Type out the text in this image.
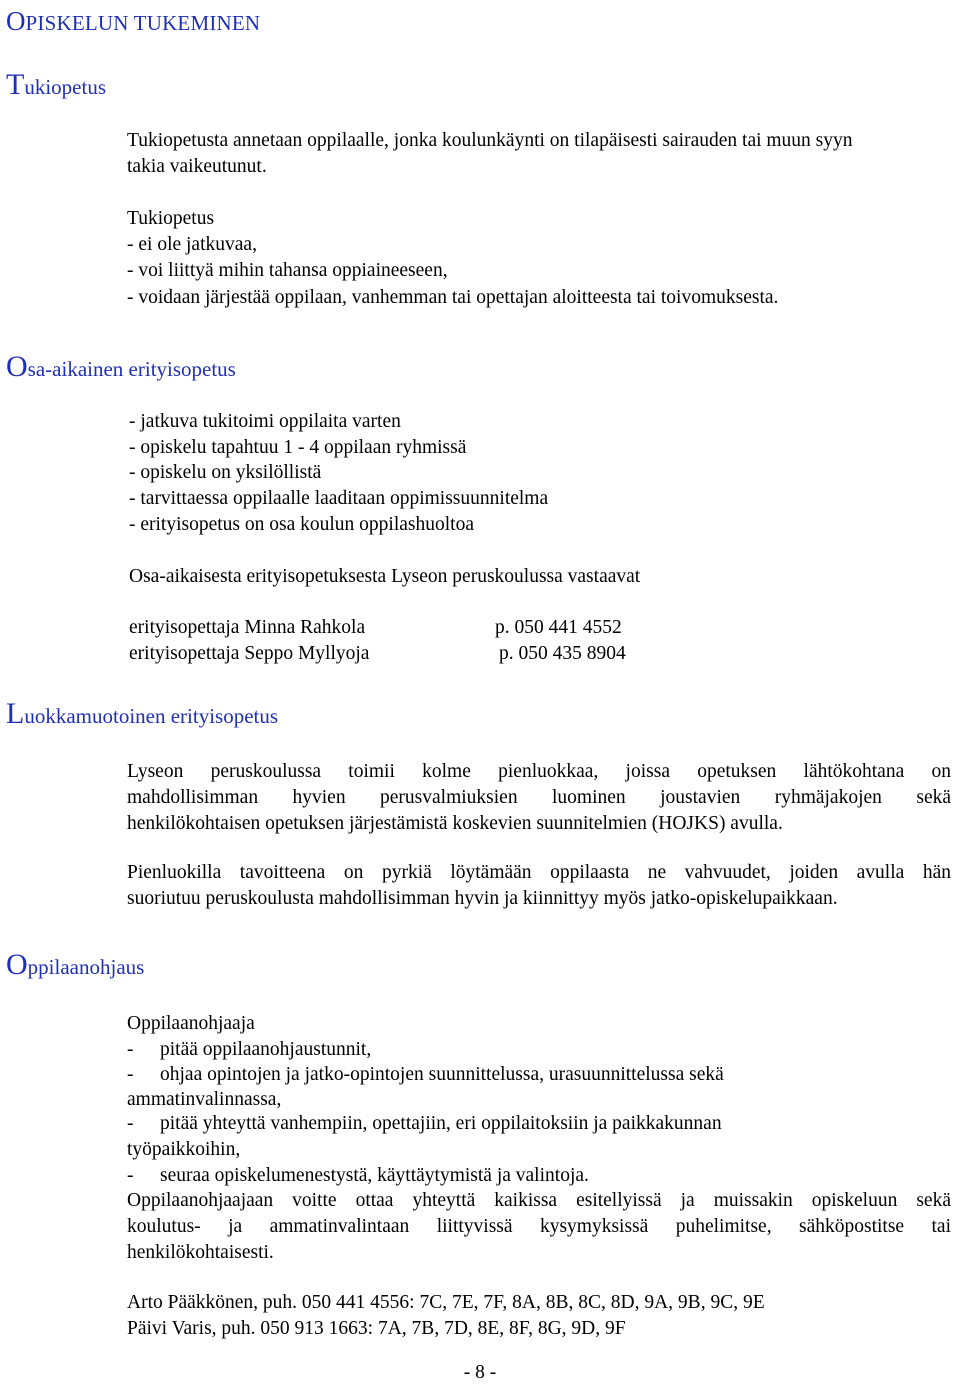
OPISKELUN TUKEMINEN
Tukiopetus
Tukiopetusta annetaan oppilaalle, jonka koulunkäynti on tilapäisesti sairauden tai muun syyn
takia vaikeutunut.
Tukiopetus
- ei ole jatkuvaa,
- voi liittyä mihin tahansa oppiaineeseen,
- voidaan järjestää oppilaan, vanhemman tai opettajan aloitteesta tai toivomuksesta.
Osa-aikainen erityisopetus
- jatkuva tukitoimi oppilaita varten
- opiskelu tapahtuu 1 - 4 oppilaan ryhmissä
- opiskelu on yksilöllistä
- tarvittaessa oppilaalle laaditaan oppimissuunnitelma
- erityisopetus on osa koulun oppilashuoltoa
Osa-aikaisesta erityisopetuksesta Lyseon peruskoulussa vastaavat
erityisopettaja Minna Rahkola	p. 050 441 4552
erityisopettaja Seppo Myllyoja	p. 050 435 8904
Luokkamuotoinen erityisopetus
Lyseon peruskoulussa toimii kolme pienluokkaa, joissa opetuksen lähtökohtana on
mahdollisimman hyvien perusvalmiuksien luominen joustavien ryhmäjakojen sekä
henkilökohtaisen opetuksen järjestämistä koskevien suunnitelmien (HOJKS) avulla.
Pienluokilla tavoitteena on pyrkiä löytämään oppilaasta ne vahvuudet, joiden avulla hän
suoriutuu peruskoulusta mahdollisimman hyvin ja kiinnittyy myös jatko-opiskelupaikkaan.
Oppilaanohjaus
Oppilaanohjaaja
- pitää oppilaanohjaustunnit,
- ohjaa opintojen ja jatko-opintojen suunnittelussa, urasuunnittelussa sekä
ammatinvalinnassa,
- pitää yhteyttä vanhempiin, opettajiin, eri oppilaitoksiin ja paikkakunnan
työpaikkoihin,
- seuraa opiskelumenestystä, käyttäytymistä ja valintoja.
Oppilaanohjaajaan voitte ottaa yhteyttä kaikissa esitellyissä ja muissakin opiskeluun sekä
koulutus- ja ammatinvalintaan liittyvissä kysymyksissä puhelimitse, sähköpostitse tai
henkilökohtaisesti.
Arto Pääkkönen, puh. 050 441 4556: 7C, 7E, 7F, 8A, 8B, 8C, 8D, 9A, 9B, 9C, 9E
Päivi Varis, puh. 050 913 1663: 7A, 7B, 7D, 8E, 8F, 8G, 9D, 9F
- 8 -
